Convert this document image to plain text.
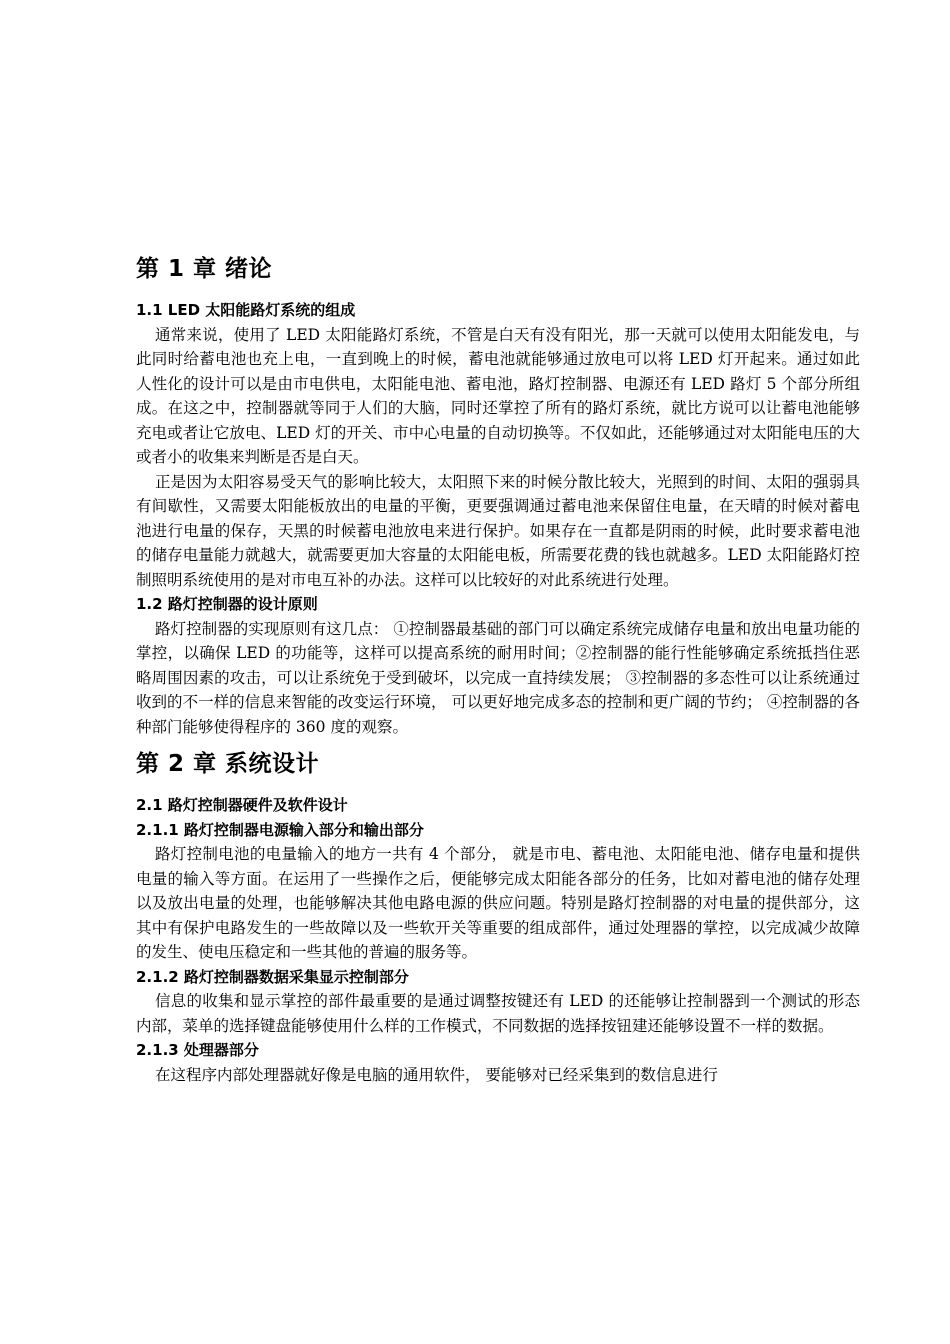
第 1 章 绪论
1.1 LED 太阳能路灯系统的组成

通常来说，使用了 LED 太阳能路灯系统，不管是白天有没有阳光，那一天就可以使用太阳能发电，与此同时给蓄电池也充上电，一直到晚上的时候，蓄电池就能够通过放电可以将 LED 灯开起来。通过如此人性化的设计可以是由市电供电，太阳能电池、蓄电池，路灯控制器、电源还有 LED 路灯 5 个部分所组成。在这之中，控制器就等同于人们的大脑，同时还掌控了所有的路灯系统，就比方说可以让蓄电池能够充电或者让它放电、LED 灯的开关、市中心电量的自动切换等。不仅如此，还能够通过对太阳能电压的大或者小的收集来判断是否是白天。

正是因为太阳容易受天气的影响比较大，太阳照下来的时候分散比较大，光照到的时间、太阳的强弱具有间歇性，又需要太阳能板放出的电量的平衡，更要强调通过蓄电池来保留住电量，在天晴的时候对蓄电池进行电量的保存，天黑的时候蓄电池放电来进行保护。如果存在一直都是阴雨的时候，此时要求蓄电池的储存电量能力就越大，就需要更加大容量的太阳能电板，所需要花费的钱也就越多。LED 太阳能路灯控制照明系统使用的是对市电互补的办法。这样可以比较好的对此系统进行处理。

1.2 路灯控制器的设计原则

路灯控制器的实现原则有这几点： ①控制器最基础的部门可以确定系统完成储存电量和放出电量功能的掌控，以确保 LED 的功能等，这样可以提高系统的耐用时间；②控制器的能行性能够确定系统抵挡住恶略周围因素的攻击，可以让系统免于受到破坏，以完成一直持续发展； ③控制器的多态性可以让系统通过收到的不一样的信息来智能的改变运行环境， 可以更好地完成多态的控制和更广阔的节约； ④控制器的各种部门能够使得程序的 360 度的观察。

第 2 章 系统设计
2.1 路灯控制器硬件及软件设计
2.1.1 路灯控制器电源输入部分和输出部分

路灯控制电池的电量输入的地方一共有 4 个部分， 就是市电、蓄电池、太阳能电池、储存电量和提供电量的输入等方面。在运用了一些操作之后，便能够完成太阳能各部分的任务，比如对蓄电池的储存处理以及放出电量的处理，也能够解决其他电路电源的供应问题。特别是路灯控制器的对电量的提供部分，这其中有保护电路发生的一些故障以及一些软开关等重要的组成部件，通过处理器的掌控，以完成减少故障的发生、使电压稳定和一些其他的普遍的服务等。

2.1.2 路灯控制器数据采集显示控制部分

信息的收集和显示掌控的部件最重要的是通过调整按键还有 LED 的还能够让控制器到一个测试的形态内部，菜单的选择键盘能够使用什么样的工作模式，不同数据的选择按钮建还能够设置不一样的数据。

2.1.3 处理器部分

在这程序内部处理器就好像是电脑的通用软件， 要能够对已经采集到的数信息进行
